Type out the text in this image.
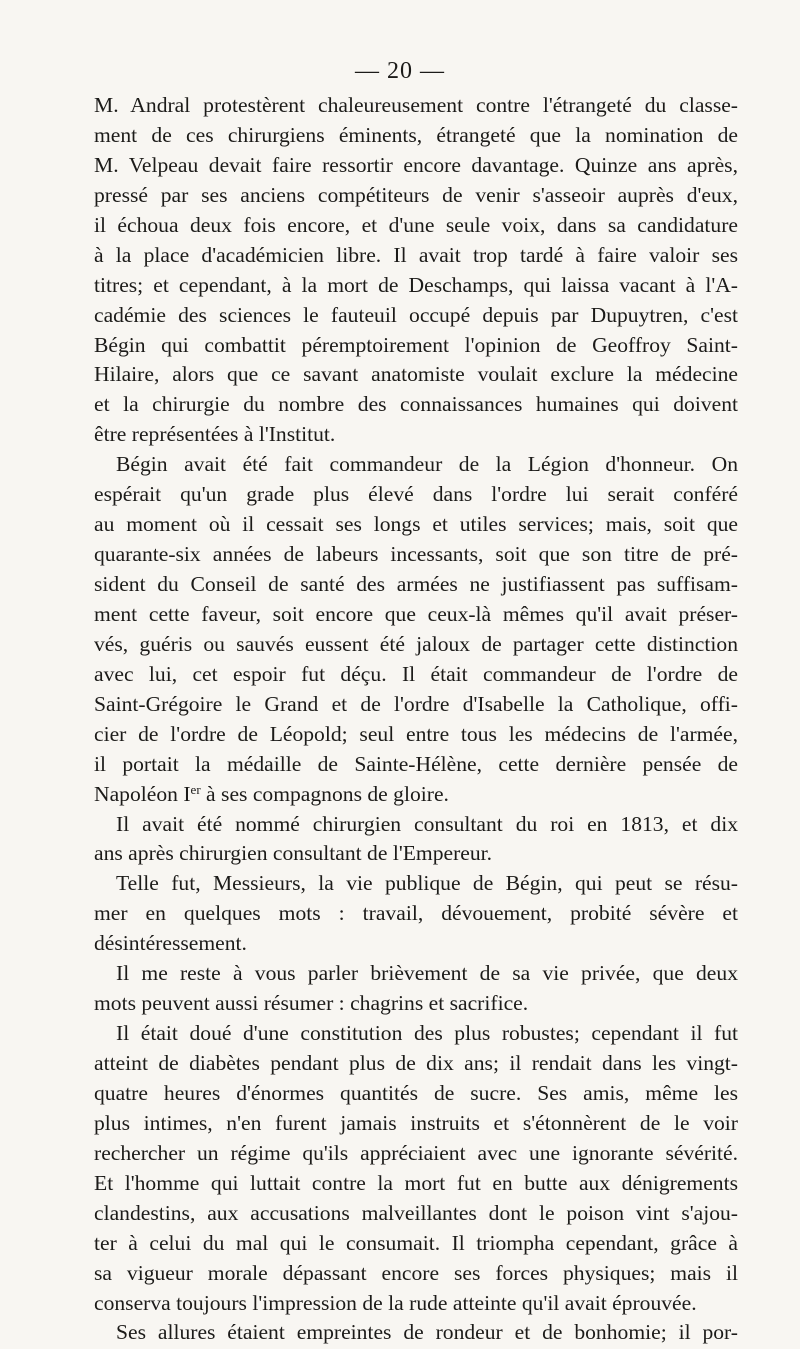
— 20 —
M. Andral protestèrent chaleureusement contre l'étrangeté du classe-
ment de ces chirurgiens éminents, étrangeté que la nomination de
M. Velpeau devait faire ressortir encore davantage. Quinze ans après,
pressé par ses anciens compétiteurs de venir s'asseoir auprès d'eux,
il échoua deux fois encore, et d'une seule voix, dans sa candidature
à la place d'académicien libre. Il avait trop tardé à faire valoir ses
titres; et cependant, à la mort de Deschamps, qui laissa vacant à l'A-
cadémie des sciences le fauteuil occupé depuis par Dupuytren, c'est
Bégin qui combattit péremptoirement l'opinion de Geoffroy Saint-
Hilaire, alors que ce savant anatomiste voulait exclure la médecine
et la chirurgie du nombre des connaissances humaines qui doivent
être représentées à l'Institut.
Bégin avait été fait commandeur de la Légion d'honneur. On
espérait qu'un grade plus élevé dans l'ordre lui serait conféré
au moment où il cessait ses longs et utiles services; mais, soit que
quarante-six années de labeurs incessants, soit que son titre de pré-
sident du Conseil de santé des armées ne justifiassent pas suffisam-
ment cette faveur, soit encore que ceux-là mêmes qu'il avait préser-
vés, guéris ou sauvés eussent été jaloux de partager cette distinction
avec lui, cet espoir fut déçu. Il était commandeur de l'ordre de
Saint-Grégoire le Grand et de l'ordre d'Isabelle la Catholique, offi-
cier de l'ordre de Léopold; seul entre tous les médecins de l'armée,
il portait la médaille de Sainte-Hélène, cette dernière pensée de
Napoléon Ier à ses compagnons de gloire.
Il avait été nommé chirurgien consultant du roi en 1813, et dix
ans après chirurgien consultant de l'Empereur.
Telle fut, Messieurs, la vie publique de Bégin, qui peut se résu-
mer en quelques mots : travail, dévouement, probité sévère et
désintéressement.
Il me reste à vous parler brièvement de sa vie privée, que deux
mots peuvent aussi résumer : chagrins et sacrifice.
Il était doué d'une constitution des plus robustes; cependant il fut
atteint de diabètes pendant plus de dix ans; il rendait dans les vingt-
quatre heures d'énormes quantités de sucre. Ses amis, même les
plus intimes, n'en furent jamais instruits et s'étonnèrent de le voir
rechercher un régime qu'ils appréciaient avec une ignorante sévérité.
Et l'homme qui luttait contre la mort fut en butte aux dénigrements
clandestins, aux accusations malveillantes dont le poison vint s'ajou-
ter à celui du mal qui le consumait. Il triompha cependant, grâce à
sa vigueur morale dépassant encore ses forces physiques; mais il
conserva toujours l'impression de la rude atteinte qu'il avait éprouvée.
Ses allures étaient empreintes de rondeur et de bonhomie; il por-
